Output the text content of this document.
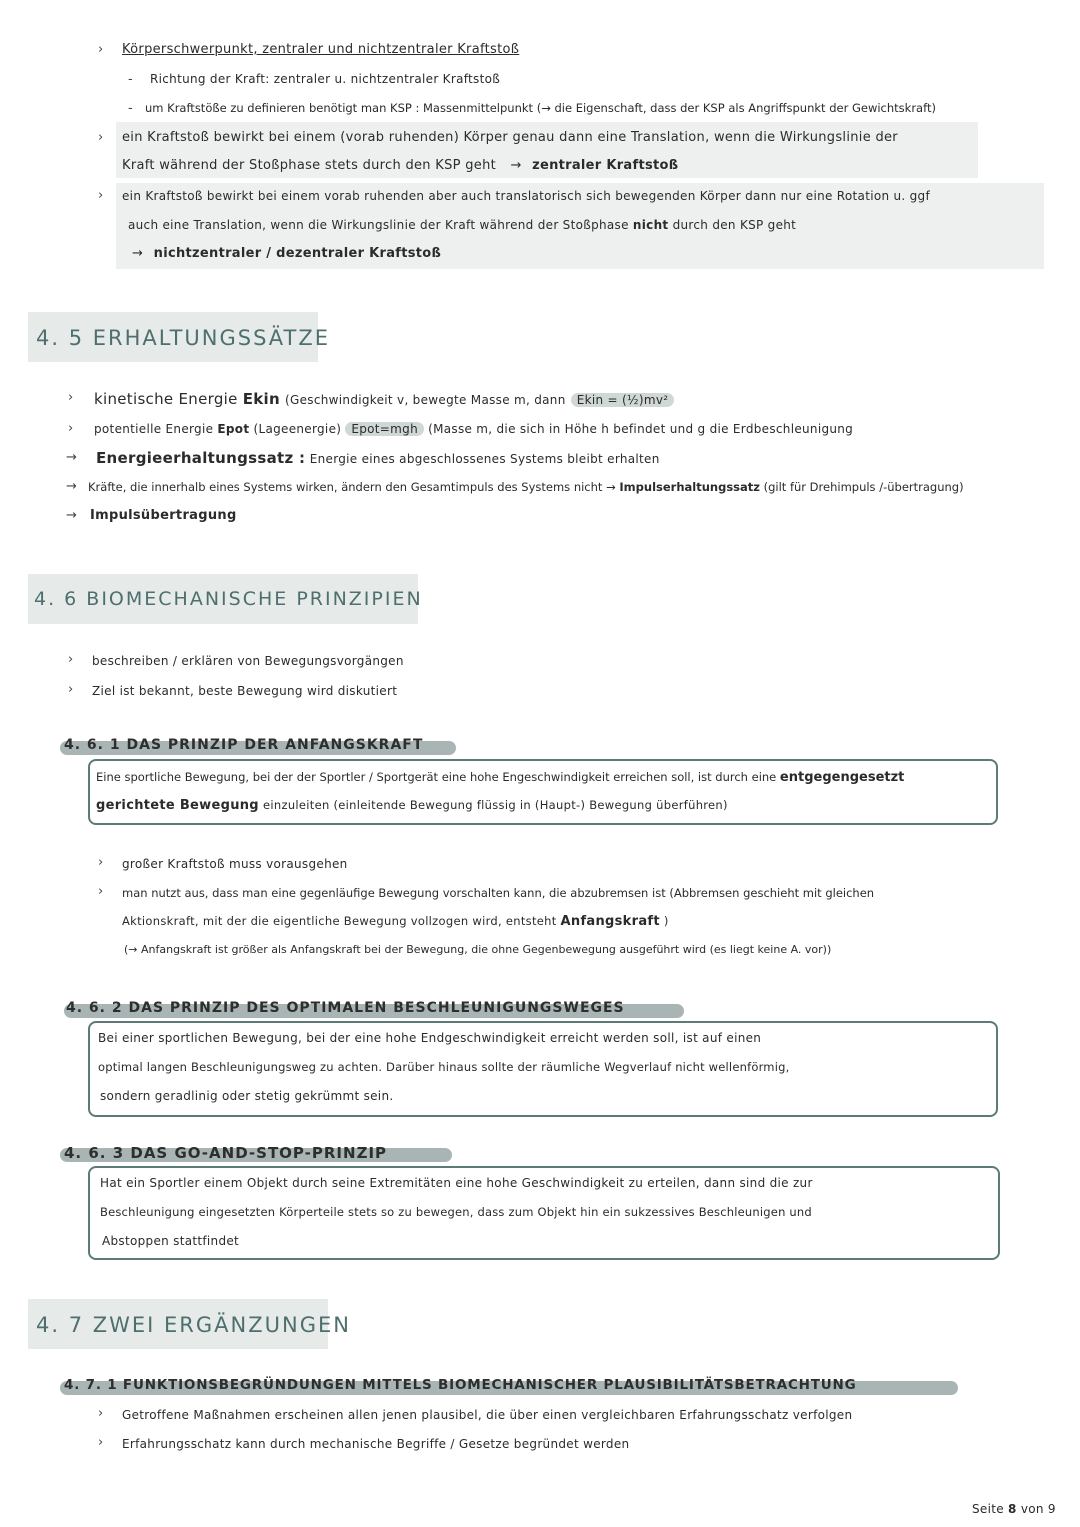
› Körperschwerpunkt, zentraler und nichtzentraler Kraftstoß
- Richtung der Kraft: zentraler u. nichtzentraler Kraftstoß
- um Kraftstöße zu definieren benötigt man KSP : Massenmittelpunkt (→ die Eigenschaft, dass der KSP als Angriffspunkt der Gewichtskraft)
› ein Kraftstoß bewirkt bei einem (vorab ruhenden) Körper genau dann eine Translation, wenn die Wirkungslinie der
Kraft während der Stoßphase stets durch den KSP geht → zentraler Kraftstoß
› ein Kraftstoß bewirkt bei einem vorab ruhenden aber auch translatorisch sich bewegenden Körper dann nur eine Rotation u. ggf
auch eine Translation, wenn die Wirkungslinie der Kraft während der Stoßphase nicht durch den KSP geht
→ nichtzentraler / dezentraler Kraftstoß
4. 5 ERHALTUNGSSÄTZE
› kinetische Energie Ekin (Geschwindigkeit v, bewegte Masse m, dann Ekin = (½)mv²
› potentielle Energie Epot (Lageenergie) Epot=mgh (Masse m, die sich in Höhe h befindet und g die Erdbeschleunigung
→ Energieerhaltungssatz : Energie eines abgeschlossenes Systems bleibt erhalten
→ Kräfte, die innerhalb eines Systems wirken, ändern den Gesamtimpuls des Systems nicht → Impulserhaltungssatz (gilt für Drehimpuls /-übertragung)
→ Impulsübertragung
4. 6 BIOMECHANISCHE PRINZIPIEN
› beschreiben / erklären von Bewegungsvorgängen
› Ziel ist bekannt, beste Bewegung wird diskutiert
4. 6. 1 DAS PRINZIP DER ANFANGSKRAFT
Eine sportliche Bewegung, bei der der Sportler / Sportgerät eine hohe Engeschwindigkeit erreichen soll, ist durch eine entgegengesetzt
gerichtete Bewegung einzuleiten (einleitende Bewegung flüssig in (Haupt-) Bewegung überführen)
› großer Kraftstoß muss vorausgehen
› man nutzt aus, dass man eine gegenläufige Bewegung vorschalten kann, die abzubremsen ist (Abbremsen geschieht mit gleichen
Aktionskraft, mit der die eigentliche Bewegung vollzogen wird, entsteht Anfangskraft )
(→ Anfangskraft ist größer als Anfangskraft bei der Bewegung, die ohne Gegenbewegung ausgeführt wird (es liegt keine A. vor))
4. 6. 2 DAS PRINZIP DES OPTIMALEN BESCHLEUNIGUNGSWEGES
Bei einer sportlichen Bewegung, bei der eine hohe Endgeschwindigkeit erreicht werden soll, ist auf einen
optimal langen Beschleunigungsweg zu achten. Darüber hinaus sollte der räumliche Wegverlauf nicht wellenförmig,
sondern geradlinig oder stetig gekrümmt sein.
4. 6. 3 DAS GO-AND-STOP-PRINZIP
Hat ein Sportler einem Objekt durch seine Extremitäten eine hohe Geschwindigkeit zu erteilen, dann sind die zur
Beschleunigung eingesetzten Körperteile stets so zu bewegen, dass zum Objekt hin ein sukzessives Beschleunigen und
Abstoppen stattfindet
4. 7 ZWEI ERGÄNZUNGEN
4. 7. 1 FUNKTIONSBEGRÜNDUNGEN MITTELS BIOMECHANISCHER PLAUSIBILITÄTSBETRACHTUNG
› Getroffene Maßnahmen erscheinen allen jenen plausibel, die über einen vergleichbaren Erfahrungsschatz verfolgen
› Erfahrungsschatz kann durch mechanische Begriffe / Gesetze begründet werden
Seite 8 von 9
